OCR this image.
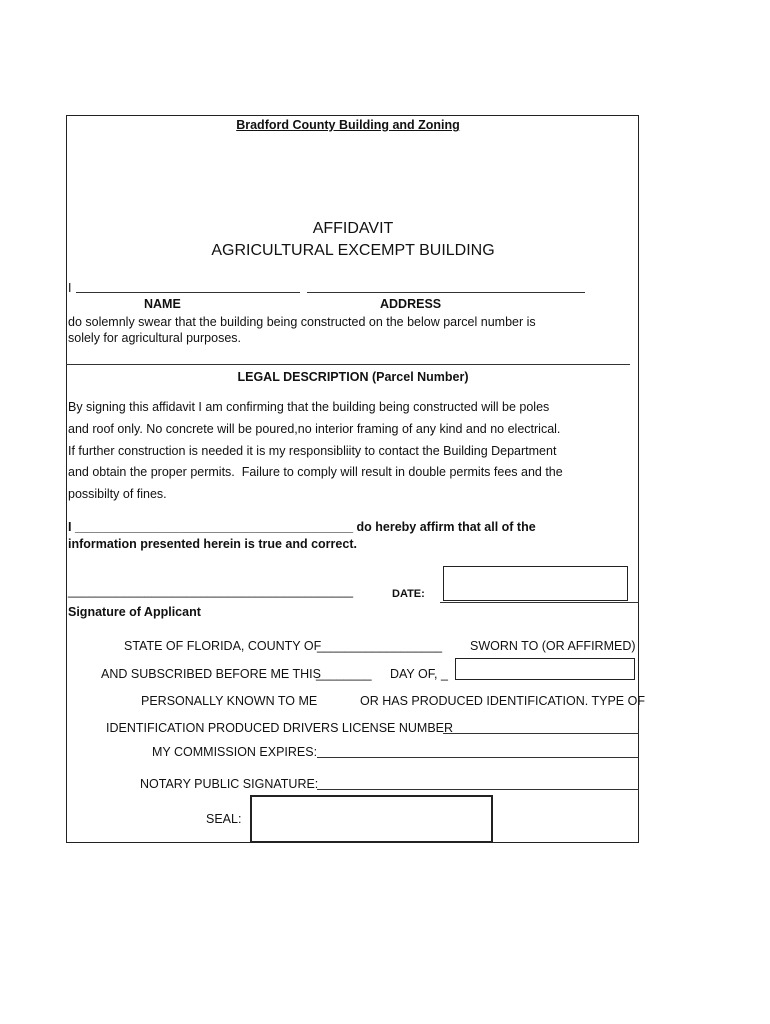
Bradford County Building and Zoning
AFFIDAVIT
AGRICULTURAL EXCEMPT BUILDING
I
NAME	ADDRESS
do solemnly swear that the building being constructed on the below parcel number is
solely for agricultural purposes.
LEGAL DESCRIPTION (Parcel Number)
By signing this affidavit I am confirming that the building being constructed will be poles
and roof only. No concrete will be poured,no interior framing of any kind and no electrical.
If further construction is needed it is my responsibliity to contact the Building Department
and obtain the proper permits.  Failure to comply will result in double permits fees and the
possibilty of fines.
I ________________________________________ do hereby affirm that all of the
information presented herein is true and correct.
_________________________________________	DATE:
Signature of Applicant
STATE OF FLORIDA, COUNTY OF
__________________ SWORN TO (OR AFFIRMED)
AND SUBSCRIBED BEFORE ME THIS
________ DAY OF, _
PERSONALLY KNOWN TO ME	OR HAS PRODUCED IDENTIFICATION. TYPE OF
IDENTIFICATION PRODUCED DRIVERS LICENSE NUMBER
MY COMMISSION EXPIRES:
NOTARY PUBLIC SIGNATURE:
SEAL:
